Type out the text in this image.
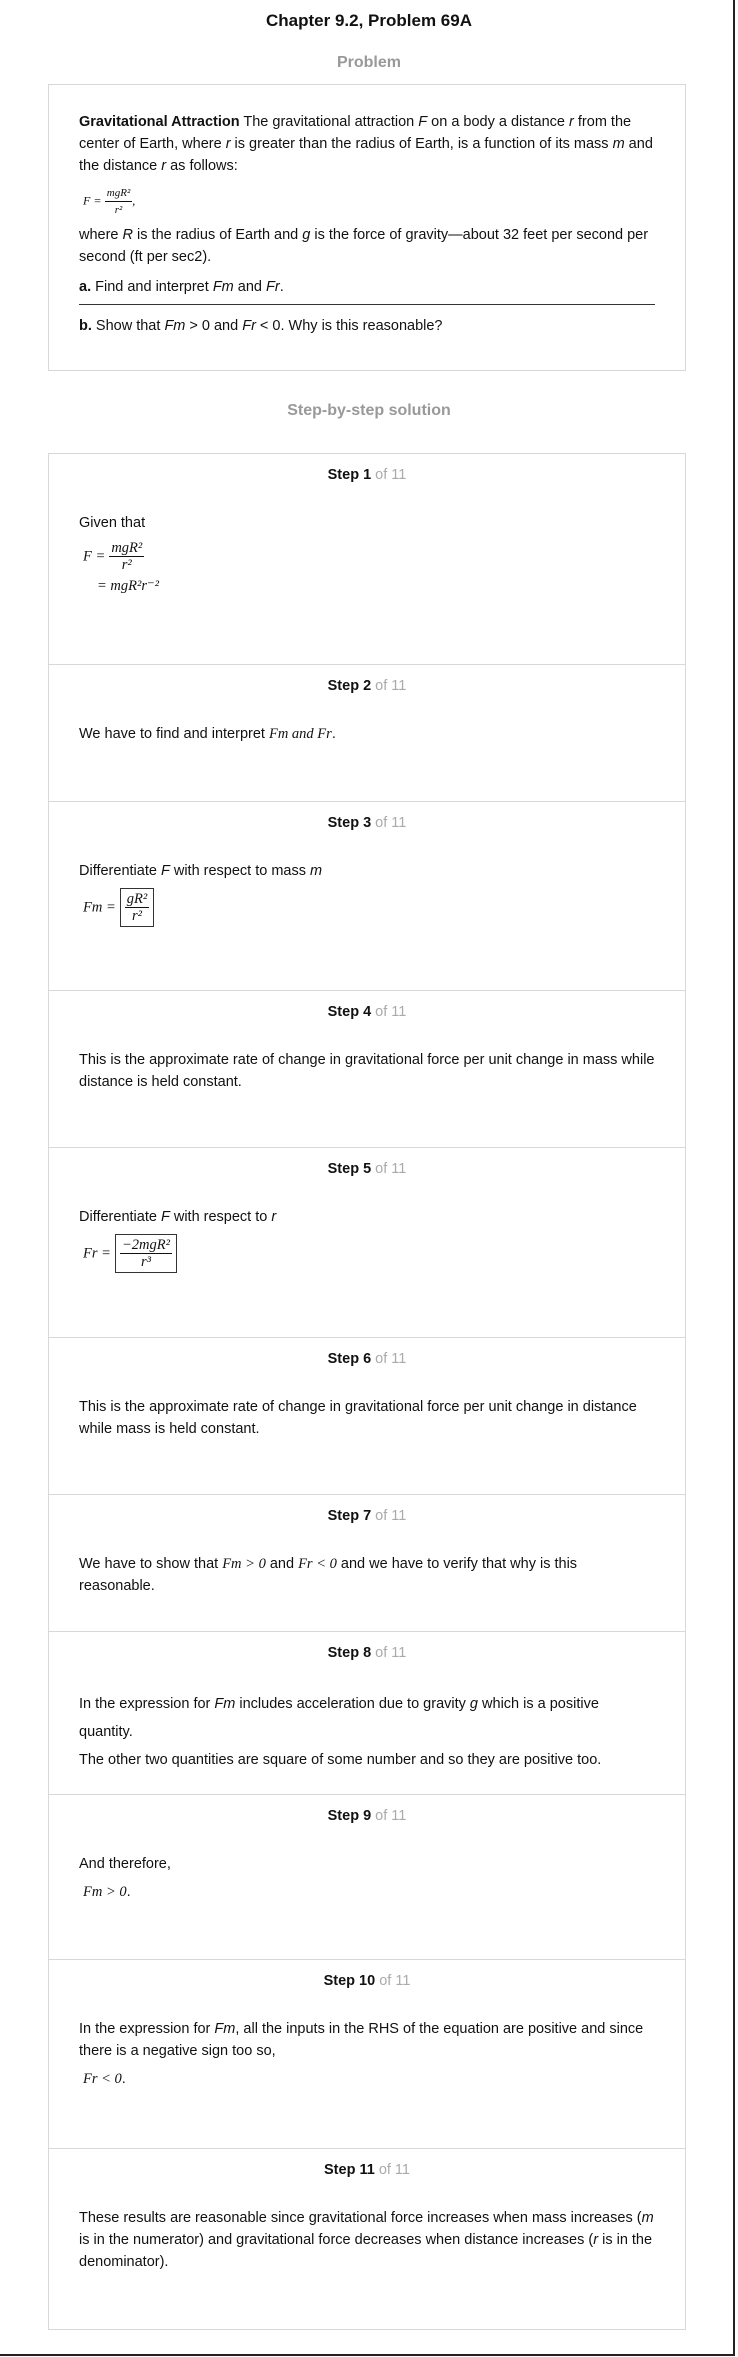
Chapter 9.2, Problem 69A
Problem

Gravitational Attraction The gravitational attraction F on a body a distance r from the center of Earth, where r is greater than the radius of Earth, is a function of its mass m and the distance r as follows:

$F = \frac{\text{mgR²}}{\text{r²}}$ ,

where R is the radius of Earth and g is the force of gravity—about 32 feet per second per second (ft per sec2).

a. Find and interpret Fm and Fr.

b. Show that Fm > 0 and Fr < 0. Why is this reasonable?

Step-by-step solution
Step 1 of 11
Given that
$F = \frac{\text{mgR²}}{\text{r²}}$
= mgR²r⁻²
Step 2 of 11
We have to find and interpret Fm and Fr.
Step 3 of 11
Differentiate F with respect to mass m
$Fm = \frac{\text{gR²}}{\text{r²}}$
Step 4 of 11
This is the approximate rate of change in gravitational force per unit change in mass while distance is held constant.
Step 5 of 11
Differentiate F with respect to r
$Fr = \frac{\text{−2mgR²}}{\text{r³}}$
Step 6 of 11
This is the approximate rate of change in gravitational force per unit change in distance while mass is held constant.
Step 7 of 11
We have to show that Fm > 0 and Fr < 0 and we have to verify that why is this reasonable.
Step 8 of 11
In the expression for Fm includes acceleration due to gravity g which is a positive quantity.
The other two quantities are square of some number and so they are positive too.
Step 9 of 11
And therefore,
Fm > 0.
Step 10 of 11
In the expression for Fm, all the inputs in the RHS of the equation are positive and since there is a negative sign too so,
Fr < 0.
Step 11 of 11
These results are reasonable since gravitational force increases when mass increases (m is in the numerator) and gravitational force decreases when distance increases (r is in the denominator).
